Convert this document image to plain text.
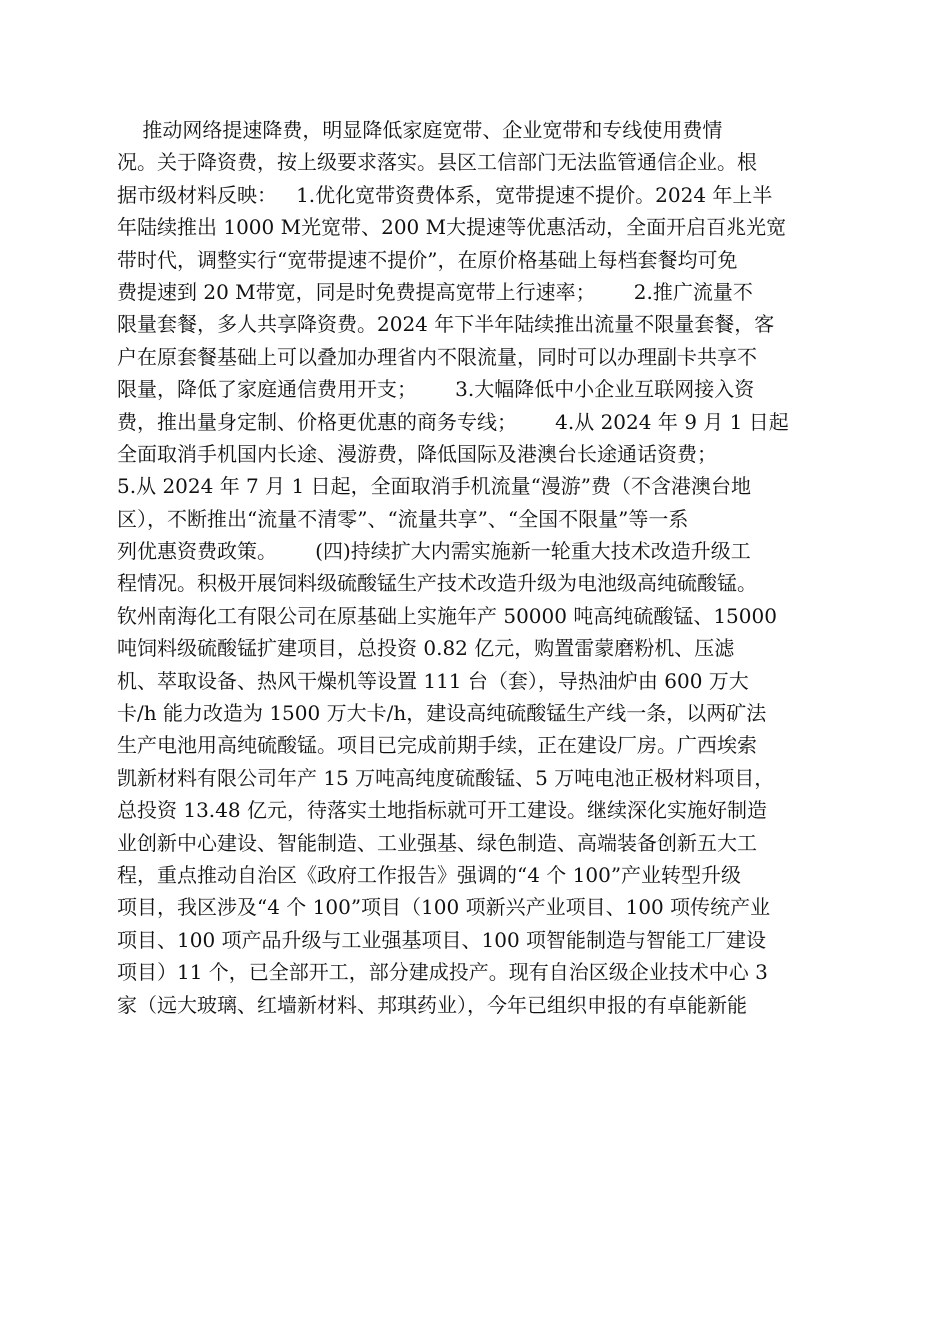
推动网络提速降费，明显降低家庭宽带、企业宽带和专线使用费情
况。关于降资费，按上级要求落实。县区工信部门无法监管通信企业。根
据市级材料反映：   1.优化宽带资费体系，宽带提速不提价。2024 年上半
年陆续推出 1000 M光宽带、200 M大提速等优惠活动，全面开启百兆光宽
带时代，调整实行“宽带提速不提价”，在原价格基础上每档套餐均可免
费提速到 20 M带宽，同是时免费提高宽带上行速率；      2.推广流量不
限量套餐，多人共享降资费。2024 年下半年陆续推出流量不限量套餐，客
户在原套餐基础上可以叠加办理省内不限流量，同时可以办理副卡共享不
限量，降低了家庭通信费用开支；      3.大幅降低中小企业互联网接入资
费，推出量身定制、价格更优惠的商务专线；      4.从 2024 年 9 月 1 日起
全面取消手机国内长途、漫游费，降低国际及港澳台长途通话资费；
5.从 2024 年 7 月 1 日起，全面取消手机流量“漫游”费（不含港澳台地
区），不断推出“流量不清零”、“流量共享”、“全国不限量”等一系
列优惠资费政策。      (四)持续扩大内需实施新一轮重大技术改造升级工
程情况。积极开展饲料级硫酸锰生产技术改造升级为电池级高纯硫酸锰。
钦州南海化工有限公司在原基础上实施年产 50000 吨高纯硫酸锰、15000
吨饲料级硫酸锰扩建项目，总投资 0.82 亿元，购置雷蒙磨粉机、压滤
机、萃取设备、热风干燥机等设置 111 台（套），导热油炉由 600 万大
卡/h 能力改造为 1500 万大卡/h，建设高纯硫酸锰生产线一条，以两矿法
生产电池用高纯硫酸锰。项目已完成前期手续，正在建设厂房。广西埃索
凯新材料有限公司年产 15 万吨高纯度硫酸锰、5 万吨电池正极材料项目，
总投资 13.48 亿元，待落实土地指标就可开工建设。继续深化实施好制造
业创新中心建设、智能制造、工业强基、绿色制造、高端装备创新五大工
程，重点推动自治区《政府工作报告》强调的“4 个 100”产业转型升级
项目，我区涉及“4 个 100”项目（100 项新兴产业项目、100 项传统产业
项目、100 项产品升级与工业强基项目、100 项智能制造与智能工厂建设
项目）11 个，已全部开工，部分建成投产。现有自治区级企业技术中心 3
家（远大玻璃、红墙新材料、邦琪药业），今年已组织申报的有卓能新能
